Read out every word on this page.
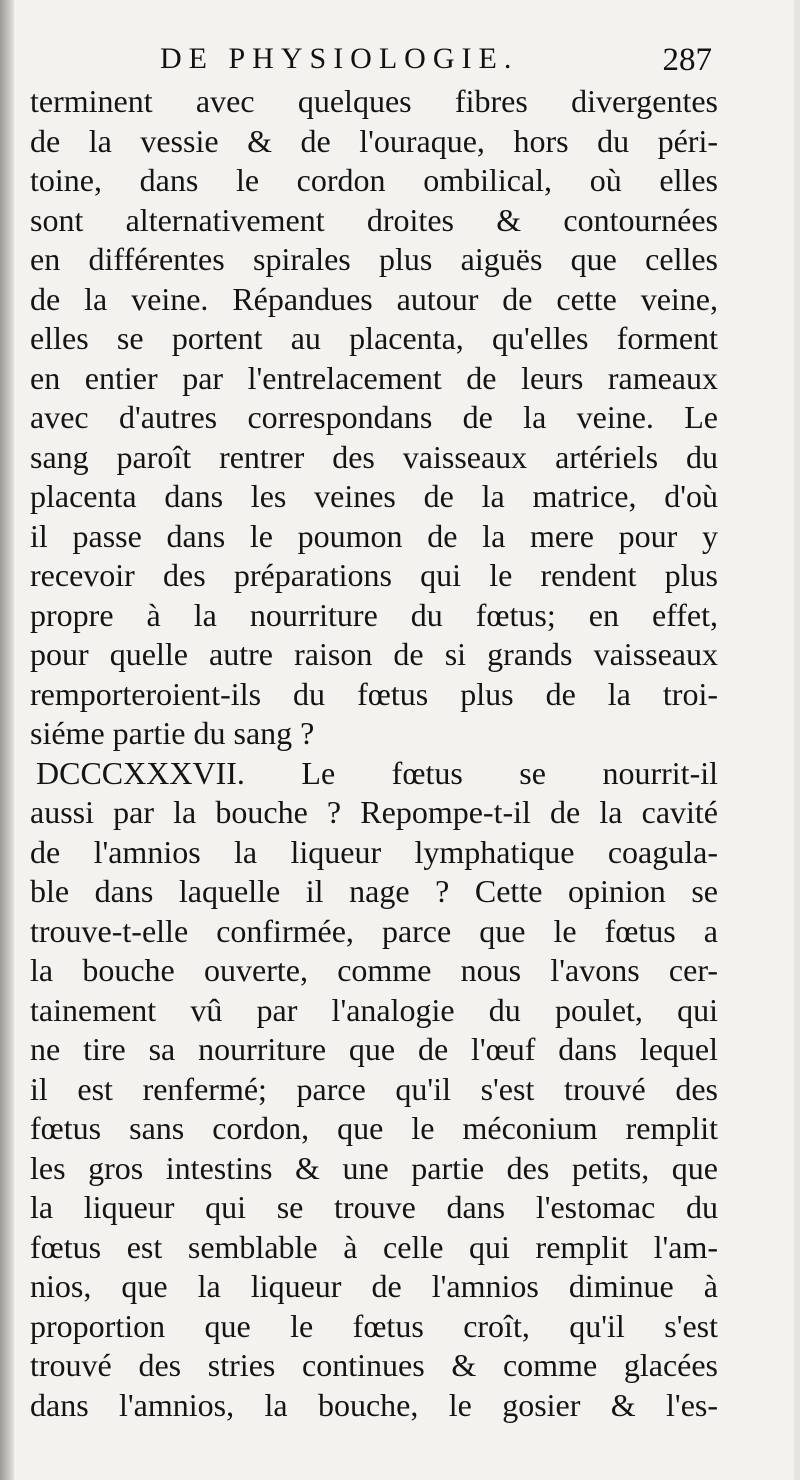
DE PHYSIOLOGIE.	287
terminent avec quelques fibres divergentes
de la vessie & de l'ouraque, hors du péri-
toine, dans le cordon ombilical, où elles
sont alternativement droites & contournées
en différentes spirales plus aiguës que celles
de la veine. Répandues autour de cette veine,
elles se portent au placenta, qu'elles forment
en entier par l'entrelacement de leurs rameaux
avec d'autres correspondans de la veine. Le
sang paroît rentrer des vaisseaux artériels du
placenta dans les veines de la matrice, d'où
il passe dans le poumon de la mere pour y
recevoir des préparations qui le rendent plus
propre à la nourriture du fœtus; en effet,
pour quelle autre raison de si grands vaisseaux
remporteroient-ils du fœtus plus de la troi-
siéme partie du sang ?
DCCCXXXVII. Le fœtus se nourrit-il
aussi par la bouche ? Repompe-t-il de la cavité
de l'amnios la liqueur lymphatique coagula-
ble dans laquelle il nage ? Cette opinion se
trouve-t-elle confirmée, parce que le fœtus a
la bouche ouverte, comme nous l'avons cer-
tainement vû par l'analogie du poulet, qui
ne tire sa nourriture que de l'œuf dans lequel
il est renfermé; parce qu'il s'est trouvé des
fœtus sans cordon, que le méconium remplit
les gros intestins & une partie des petits, que
la liqueur qui se trouve dans l'estomac du
fœtus est semblable à celle qui remplit l'am-
nios, que la liqueur de l'amnios diminue à
proportion que le fœtus croît, qu'il s'est
trouvé des stries continues & comme glacées
dans l'amnios, la bouche, le gosier & l'es-
